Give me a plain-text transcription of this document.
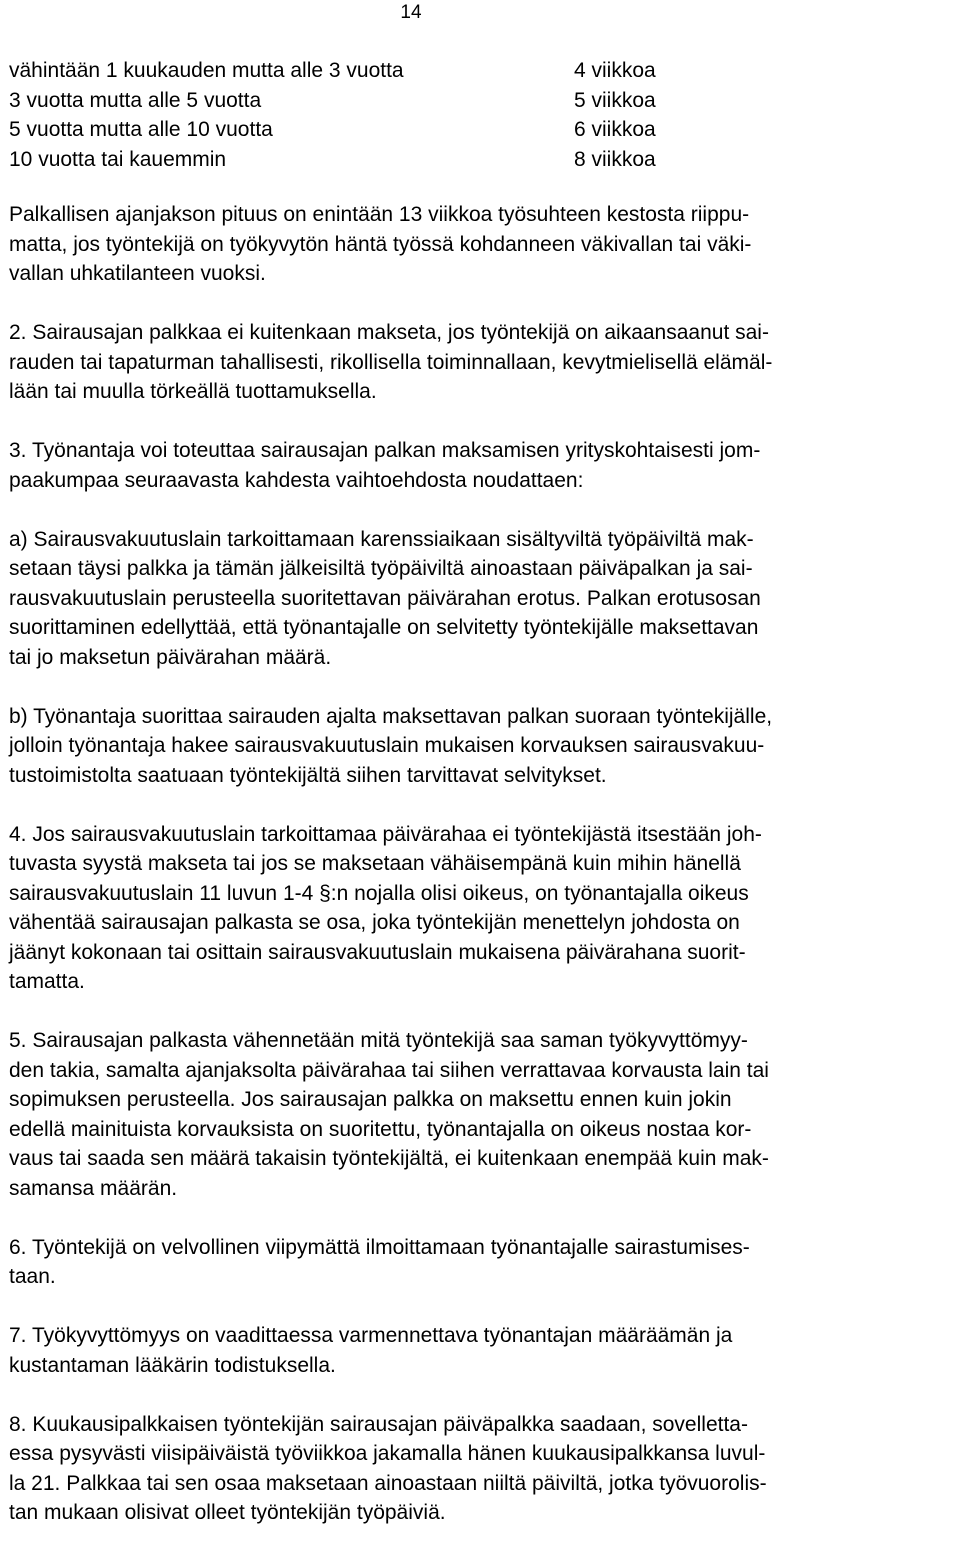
14
vähintään 1 kuukauden mutta alle 3 vuotta	4 viikkoa
3 vuotta mutta alle 5 vuotta	5 viikkoa
5 vuotta mutta alle 10 vuotta	6 viikkoa
10 vuotta tai kauemmin	8 viikkoa

Palkallisen ajanjakson pituus on enintään 13 viikkoa työsuhteen kestosta riippu-
matta, jos työntekijä on työkyvytön häntä työssä kohdanneen väkivallan tai väki-
vallan uhkatilanteen vuoksi.

2. Sairausajan palkkaa ei kuitenkaan makseta, jos työntekijä on aikaansaanut sai-
rauden tai tapaturman tahallisesti, rikollisella toiminnallaan, kevytmielisellä elämäl-
lään tai muulla törkeällä tuottamuksella.

3. Työnantaja voi toteuttaa sairausajan palkan maksamisen yrityskohtaisesti jom-
paakumpaa seuraavasta kahdesta vaihtoehdosta noudattaen:

a) Sairausvakuutuslain tarkoittamaan karenssiaikaan sisältyviltä työpäiviltä mak-
setaan täysi palkka ja tämän jälkeisiltä työpäiviltä ainoastaan päiväpalkan ja sai-
rausvakuutuslain perusteella suoritettavan päivärahan erotus. Palkan erotusosan
suorittaminen edellyttää, että työnantajalle on selvitetty työntekijälle maksettavan
tai jo maksetun päivärahan määrä.

b) Työnantaja suorittaa sairauden ajalta maksettavan palkan suoraan työntekijälle,
jolloin työnantaja hakee sairausvakuutuslain mukaisen korvauksen sairausvakuu-
tustoimistolta saatuaan työntekijältä siihen tarvittavat selvitykset.

4. Jos sairausvakuutuslain tarkoittamaa päivärahaa ei työntekijästä itsestään joh-
tuvasta syystä makseta tai jos se maksetaan vähäisempänä kuin mihin hänellä
sairausvakuutuslain 11 luvun 1-4 §:n nojalla olisi oikeus, on työnantajalla oikeus
vähentää sairausajan palkasta se osa, joka työntekijän menettelyn johdosta on
jäänyt kokonaan tai osittain sairausvakuutuslain mukaisena päivärahana suorit-
tamatta.

5. Sairausajan palkasta vähennetään mitä työntekijä saa saman työkyvyttömyy-
den takia, samalta ajanjaksolta päivärahaa tai siihen verrattavaa korvausta lain tai
sopimuksen perusteella. Jos sairausajan palkka on maksettu ennen kuin jokin
edellä mainituista korvauksista on suoritettu, työnantajalla on oikeus nostaa kor-
vaus tai saada sen määrä takaisin työntekijältä, ei kuitenkaan enempää kuin mak-
samansa määrän.

6. Työntekijä on velvollinen viipymättä ilmoittamaan työnantajalle sairastumises-
taan.

7. Työkyvyttömyys on vaadittaessa varmennettava työnantajan määräämän ja
kustantaman lääkärin todistuksella.

8. Kuukausipalkkaisen työntekijän sairausajan päiväpalkka saadaan, sovelletta-
essa pysyvästi viisipäiväistä työviikkoa jakamalla hänen kuukausipalkkansa luvul-
la 21. Palkkaa tai sen osaa maksetaan ainoastaan niiltä päiviltä, jotka työvuorolis-
tan mukaan olisivat olleet työntekijän työpäiviä.
